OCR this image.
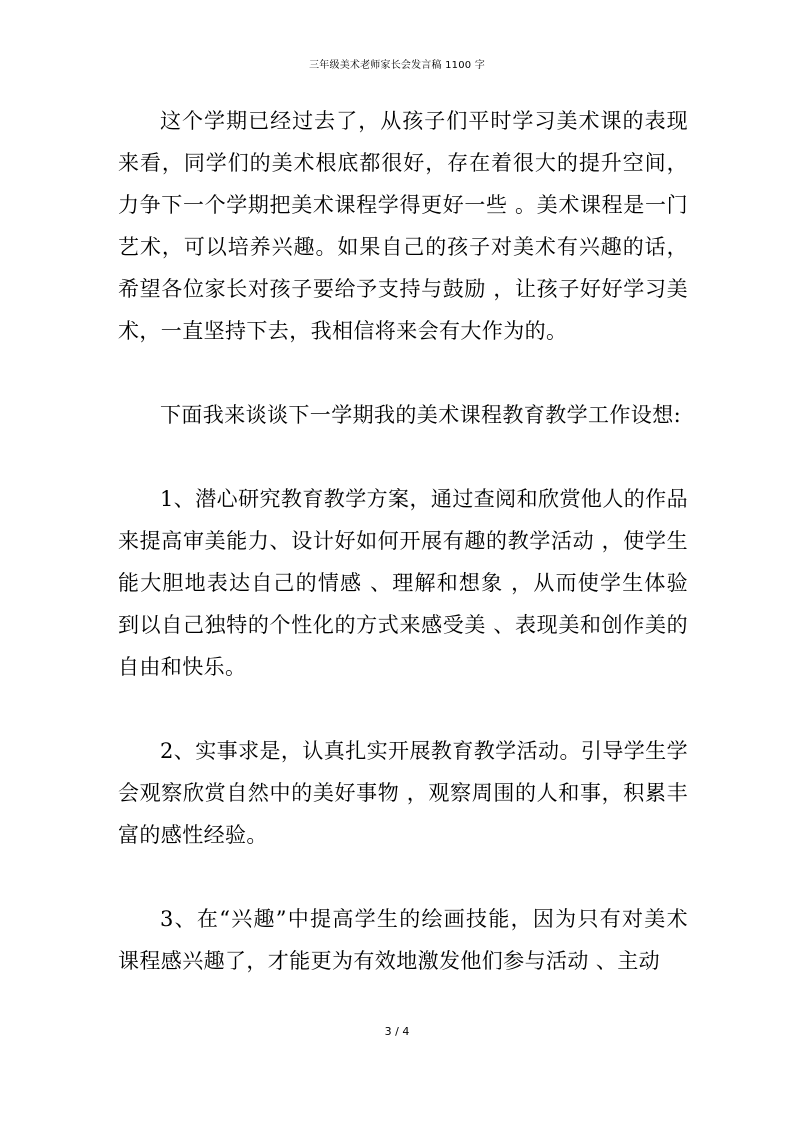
三年级美术老师家长会发言稿 1100 字

这个学期已经过去了，从孩子们平时学习美术课的表现来看，同学们的美术根底都很好，存在着很大的提升空间，力争下一个学期把美术课程学得更好一些 。美术课程是一门艺术，可以培养兴趣。如果自己的孩子对美术有兴趣的话，希望各位家长对孩子要给予支持与鼓励 ，让孩子好好学习美术，一直坚持下去，我相信将来会有大作为的。

下面我来谈谈下一学期我的美术课程教育教学工作设想:

1、潜心研究教育教学方案，通过查阅和欣赏他人的作品来提高审美能力、设计好如何开展有趣的教学活动 ，使学生能大胆地表达自己的情感 、理解和想象 ，从而使学生体验到以自己独特的个性化的方式来感受美 、表现美和创作美的自由和快乐。

2、实事求是，认真扎实开展教育教学活动。引导学生学会观察欣赏自然中的美好事物 ，观察周围的人和事，积累丰富的感性经验。

3、在“兴趣”中提高学生的绘画技能，因为只有对美术课程感兴趣了，才能更为有效地激发他们参与活动 、主动

3 / 4
